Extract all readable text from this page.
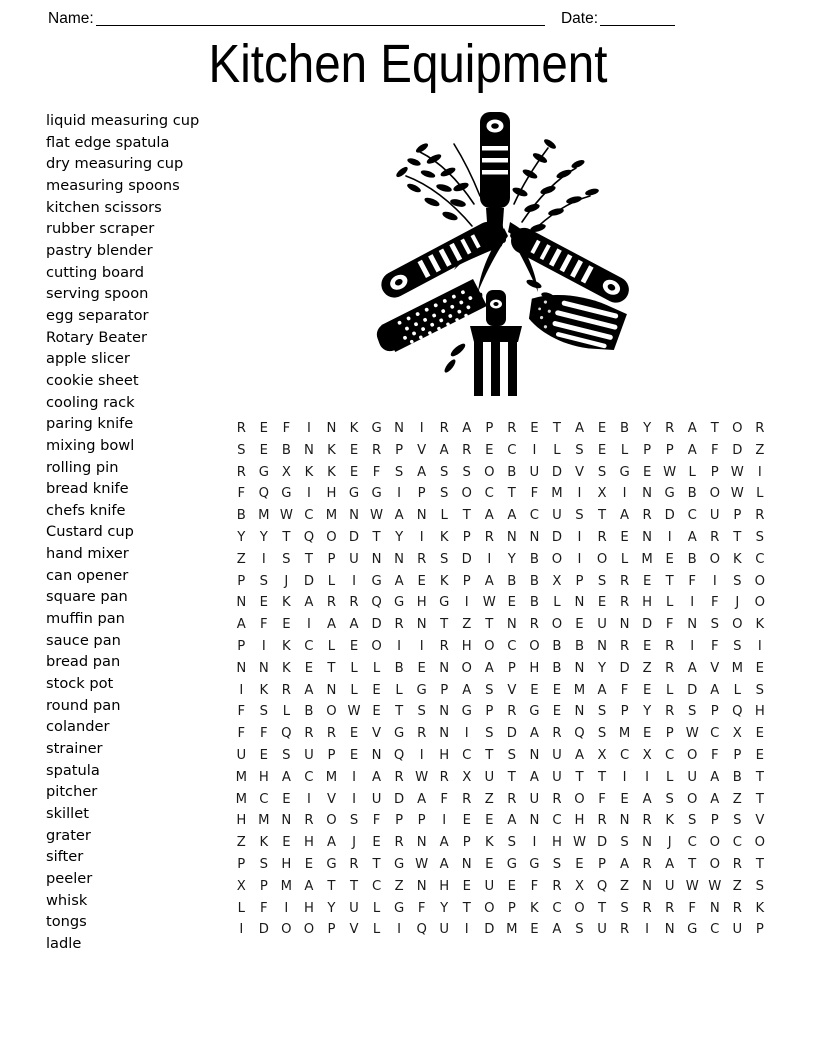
Name: ______________________________________________________ Date: _________
Kitchen Equipment
liquid measuring cup
flat edge spatula
dry measuring cup
measuring spoons
kitchen scissors
rubber scraper
pastry blender
cutting board
serving spoon
egg separator
Rotary Beater
apple slicer
cookie sheet
cooling rack
paring knife
mixing bowl
rolling pin
bread knife
chefs knife
Custard cup
hand mixer
can opener
square pan
muffin pan
sauce pan
bread pan
stock pot
round pan
colander
strainer
spatula
pitcher
skillet
grater
sifter
peeler
whisk
tongs
ladle
R	E	F	I	N	K G N	I	R	A	P	R	E	T	A	E	B	Y	R	A	T	O R
S	E	B N	K	E	R	P	V	A	R	E	C	I	L	S	E	L	P	P	A	F	D Z
R G X	K	K	E	F	S	A	S	S O B U D V	S	G	E W L	P W	I
F	Q G	I	H G G	I	P	S O C	T	F M	I	X	I	N G B O W L
B M W C M N W A N	L	T	A	A	C U	S	T	A	R D C U	P	R
Y	Y	T	Q O D	T	Y	I	K	P	R N N D	I	R	E	N	I	A	R	T	S
Z	I	S	T	P	U N N R	S	D	I	Y	B O	I	O	L M E	B O K	C
P	S	J	D	L	I	G A	E	K	P	A	B	B	X	P	S	R	E	T	F	I	S O
N	E	K	A	R	R Q G H G	I	W E	B	L	N	E	R H	L	I	F	J	O
A	F	E	I	A	A D R N	T	Z	T	N R O E	U N D	F	N	S O K
P	I	K	C	L	E O	I	I	R H O C O B	B N R	E	R	I	F	S	I
N N	K	E	T	L	L	B	E	N O A	P	H B N	Y	D Z	R	A	V M E
I	K	R	A N	L	E	L	G	P	A	S	V	E	E M A	F	E	L	D A	L	S
F	S	L	B O W E	T	S	N G	P	R G	E	N	S	P	Y	R	S	P	Q H
F	F	Q R	R	E	V G R N	I	S	D A	R Q S M E	P W C	X	E
U	E	S	U	P	E	N Q	I	H C	T	S	N U	A	X	C	X	C O	F	P	E
M H A	C M	I	A	R W R	X U	T	A	U	T	T	I	I	L	U	A	B	T
M C	E	I	V	I	U D A	F	R	Z	R U R O	F	E	A	S O A	Z	T
H M N R O S	F	P	P	I	E	E	A N C H R N R	K	S	P	S	V
Z	K	E	H A	J	E	R N A	P	K	S	I	H W D	S	N	J	C O C O
P	S	H	E	G R	T	G W A N	E	G G	S	E	P	A	R	A	T	O R	T
X	P M A	T	T	C	Z N H	E	U	E	F	R	X Q Z N U W W Z	S
L	F	I	H	Y	U	L	G	F	Y	T	O	P	K	C O	T	S	R	R	F	N R	K
I	D O O	P	V	L	I	Q U	I	D M E	A	S	U R	I	N G C U	P
